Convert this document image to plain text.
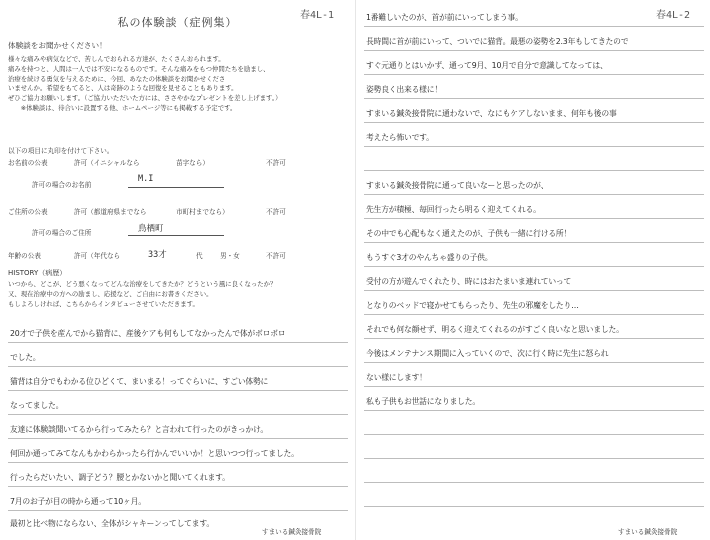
春4L-1
私の体験談（症例集）
体験談をお聞かせください！
様々な痛みや病気などで、苦しんでおられる方達が、たくさんおられます。
痛みを持つと、人間は一人では不安になるものです。そんな痛みをもつ仲間たちを励まし、
治療を続ける勇気を与えるために、今回、あなたの体験談をお聞かせくださ
いませんか。希望をもてると、人は奇跡のような回復を見せることもあります。
ぜひご協力お願いします。（ご協力いただいた方には、ささやかなプレゼントを差し上げます。）
　　※体験談は、待合いに設置する他、ホームページ等にも掲載する予定です。
以下の項目に丸印を付けて下さい。
お名前の公表	許可（イニシャルなら	苗字なら）	不許可
許可の場合のお名前
M.I
ご住所の公表	許可（都道府県までなら	市町村までなら）	不許可
許可の場合のご住所	鳥栖町
年齢の公表	許可（年代なら	33才	代	男・女	不許可
HISTORY（病歴）
いつから、どこが、どう悪くなってどんな治療をしてきたか？どうという風に良くなったか？
又、現在治療中の方への励まし、応援など、ご自由にお書きください。
もしよろしければ、こちらからインタビューさせていただきます。
20才で子供を産んでから猫背に、産後ケアも何もしてなかったんで体がボロボロ
でした。
猫背は自分でもわかる位ひどくて、まいまる！ってぐらいに、すごい体勢に
なってました。
友達に体験談聞いてるから行ってみたら？と言われて行ったのがきっかけ。
何回か通ってみてなんもかわらかったら行かんでいいか！と思いつつ行ってました。
行ったらだいたい、調子どう？腰とかないかと聞いてくれます。
7月のお子が目の時から通って10ヶ月。
最初と比べ物にならない、全体がシャキーンってしてます。
すまいる鍼灸接骨院
春4L-2
1番難しいたのが、首が前にいってしまう事。
長時間に首が前にいって、ついでに猫背。最悪の姿勢を2.3年もしてきたので
すぐ元通りとはいかず、通って9月、10月で自分で意識してなっては、
姿勢良く出来る様に！
すまいる鍼灸接骨院に通わないで、なにもケアしないまま、何年も後の事
考えたら怖いです。
すまいる鍼灸接骨院に通って良いなーと思ったのが、
先生方が積極、毎回行ったら明るく迎えてくれる。
その中でも心配もなく通えたのが、子供も一緒に行ける所！
もうすぐ3才のやんちゃ盛りの子供。
受付の方が遊んでくれたり、時にはおたまいま連れていって
となりのベッドで寝かせてもらったり、先生の邪魔をしたり…
それでも何な顔せず、明るく迎えてくれるのがすごく良いなと思いました。
今後はメンテナンス期間に入っていくので、次に行く時に先生に怒られ
ない様にします！
私も子供もお世話になりました。
すまいる鍼灸接骨院
